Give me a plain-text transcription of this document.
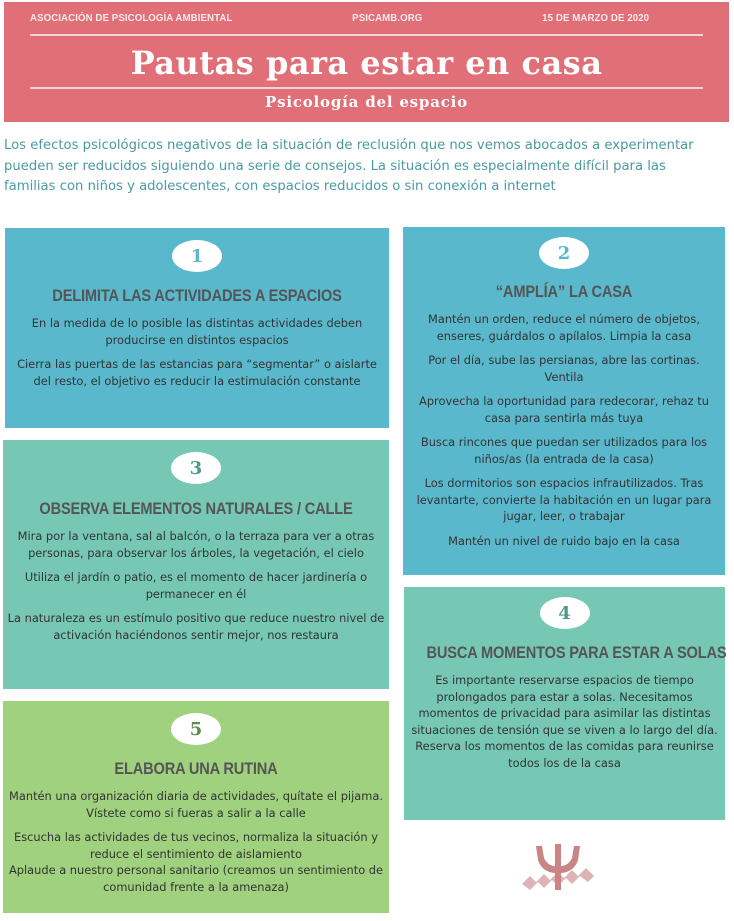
ASOCIACIÓN DE PSICOLOGÍA AMBIENTAL	PSICAMB.ORG	15 DE MARZO DE 2020
Pautas para estar en casa
Psicología del espacio
Los efectos psicológicos negativos de la situación de reclusión que nos vemos abocados a experimentar pueden ser reducidos siguiendo una serie de consejos. La situación es especialmente difícil para las familias con niños y adolescentes, con espacios reducidos o sin conexión a internet
1
DELIMITA LAS ACTIVIDADES A ESPACIOS

En la medida de lo posible las distintas actividades deben producirse en distintos espacios

Cierra las puertas de las estancias para “segmentar” o aislarte del resto, el objetivo es reducir la estimulación constante

2
“AMPLÍA” LA CASA

Mantén un orden, reduce el número de objetos, enseres, guárdalos o apílalos. Limpia la casa

Por el día, sube las persianas, abre las cortinas. Ventila

Aprovecha la oportunidad para redecorar, rehaz tu casa para sentirla más tuya

Busca rincones que puedan ser utilizados para los niños/as (la entrada de la casa)

Los dormitorios son espacios infrautilizados. Tras levantarte, convierte la habitación en un lugar para jugar, leer, o trabajar

Mantén un nivel de ruido bajo en la casa

3
OBSERVA ELEMENTOS NATURALES / CALLE

Mira por la ventana, sal al balcón, o la terraza para ver a otras personas, para observar los árboles, la vegetación, el cielo

Utiliza el jardín o patio, es el momento de hacer jardinería o permanecer en él

La naturaleza es un estímulo positivo que reduce nuestro nivel de activación haciéndonos sentir mejor, nos restaura

4
BUSCA MOMENTOS PARA ESTAR A SOLAS

Es importante reservarse espacios de tiempo prolongados para estar a solas. Necesitamos momentos de privacidad para asimilar las distintas situaciones de tensión que se viven a lo largo del día.

Reserva los momentos de las comidas para reunirse todos los de la casa

5
ELABORA UNA RUTINA

Mantén una organización diaria de actividades, quítate el pijama. Vístete como si fueras a salir a la calle

Escucha las actividades de tus vecinos, normaliza la situación y reduce el sentimiento de aislamiento

Aplaude a nuestro personal sanitario (creamos un sentimiento de comunidad frente a la amenaza)
